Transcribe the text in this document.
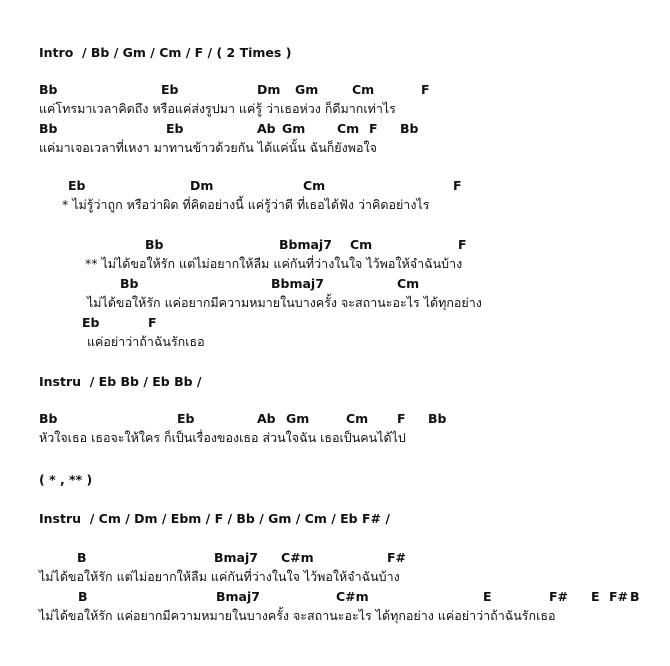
Intro  / Bb / Gm / Cm / F / ( 2 Times )
Bb	Eb	Dm Gm	Cm	F
แค่โทรมาเวลาคิดถึง หรือแค่ส่งรูปมา แค่รู้ ว่าเธอห่วง ก็ดีมากเท่าไร
Bb	Eb	Ab Gm	Cm F Bb
แค่มาเจอเวลาที่เหงา มาทานข้าวด้วยกัน ได้แค่นั้น ฉันก็ยังพอใจ
Eb	Dm	Cm	F
* ไม่รู้ว่าถูก หรือว่าผิด ที่คิดอย่างนี้ แค่รู้ว่าดี ที่เธอได้ฟัง ว่าคิดอย่างไร
Bb	Bbmaj7 Cm	F
** ไม่ได้ขอให้รัก แต่ไม่อยากให้ลืม แค่กันที่ว่างในใจ ไว้พอให้จำฉันบ้าง
Bb	Bbmaj7	Cm
ไม่ได้ขอให้รัก แค่อยากมีความหมายในบางครั้ง จะสถานะอะไร ได้ทุกอย่าง
Eb	F
แค่อย่าว่าถ้าฉันรักเธอ
Instru  / Eb Bb / Eb Bb /
Bb	Eb	Ab Gm	Cm F Bb
หัวใจเธอ เธอจะให้ใคร ก็เป็นเรื่องของเธอ ส่วนใจฉัน เธอเป็นคนได้ไป
( * , ** )
Instru  / Cm / Dm / Ebm / F / Bb / Gm / Cm / Eb F# /
B	Bmaj7 C#m	F#
ไม่ได้ขอให้รัก แต่ไม่อยากให้ลืม แค่กันที่ว่างในใจ ไว้พอให้จำฉันบ้าง
B	Bmaj7	C#m	E	F# E F# B
ไม่ได้ขอให้รัก แค่อยากมีความหมายในบางครั้ง จะสถานะอะไร ได้ทุกอย่าง แค่อย่าว่าถ้าฉันรักเธอ
